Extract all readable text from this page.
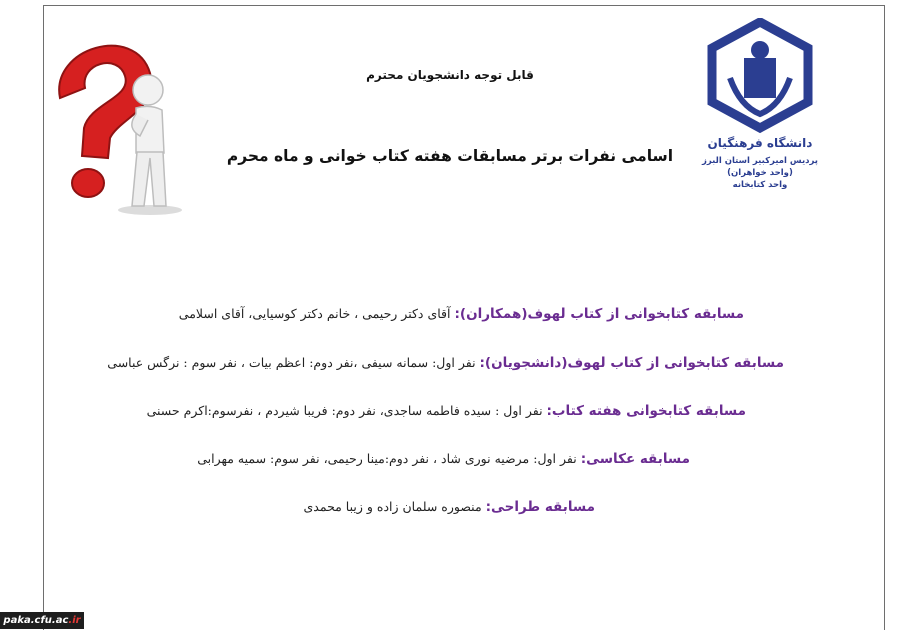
دانشگاه فرهنگیان
پردیس امیرکبیر استان البرز (واحد خواهران)
واحد کتابخانه
قابل توجه دانشجویان محترم
اسامی نفرات برتر مسابقات هفته کتاب خوانی و ماه محرم
مسابقه کتابخوانی از کتاب لهوف(همکاران): آقای دکتر رحیمی ، خانم دکتر کوسیایی، آقای اسلامی
مسابقه کتابخوانی از کتاب لهوف(دانشجویان): نفر اول: سمانه سیفی ،نفر دوم: اعظم بیات ، نفر سوم : نرگس عباسی
مسابقه کتابخوانی هفته کتاب: نفر اول : سیده فاطمه ساجدی، نفر دوم: فریبا شیردم ، نفرسوم:اکرم حسنی
مسابقه عکاسی: نفر اول: مرضیه نوری شاد ، نفر دوم:مینا رحیمی، نفر سوم: سمیه مهرابی
مسابقه طراحی: منصوره سلمان زاده و زیبا محمدی
paka.cfu.ac.ir
